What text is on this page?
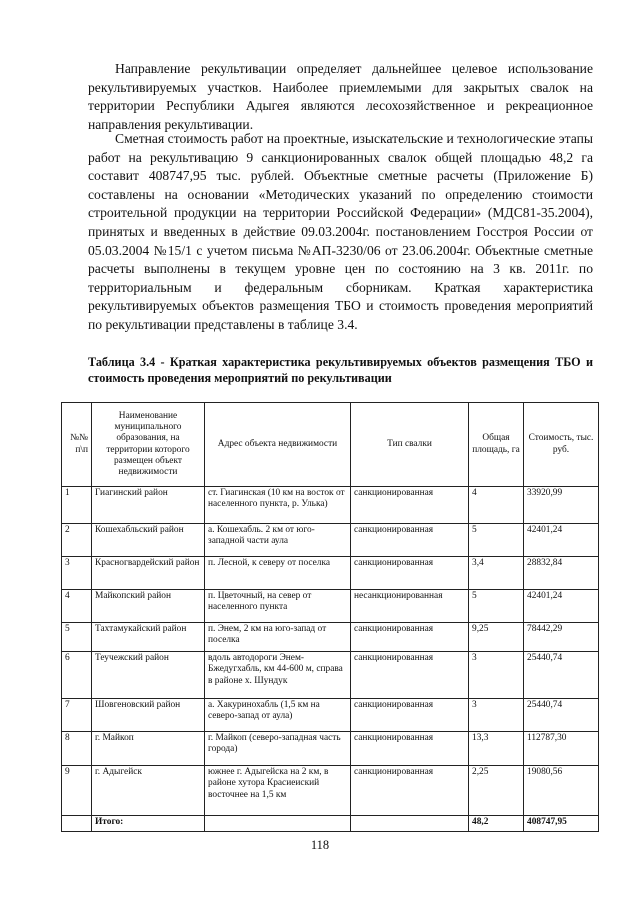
Направление рекультивации определяет дальнейшее целевое использование рекультивируемых участков. Наиболее приемлемыми для закрытых свалок на территории Республики Адыгея являются лесохозяйственное и рекреационное направления рекультивации.

Сметная стоимость работ на проектные, изыскательские и технологические этапы работ на рекультивацию 9 санкционированных свалок общей площадью 48,2 га составит 408747,95 тыс. рублей. Объектные сметные расчеты (Приложение Б) составлены на основании «Методических указаний по определению стоимости строительной продукции на территории Российской Федерации» (МДС81-35.2004), принятых и введенных в действие 09.03.2004г. постановлением Госстроя России от 05.03.2004 №15/1 с учетом письма №АП-3230/06 от 23.06.2004г. Объектные сметные расчеты выполнены в текущем уровне цен по состоянию на 3 кв. 2011г. по территориальным и федеральным сборникам. Краткая характеристика рекультивируемых объектов размещения ТБО и стоимость проведения мероприятий по рекультивации представлены в таблице 3.4.

Таблица 3.4 - Краткая характеристика рекультивируемых объектов размещения ТБО и стоимость проведения мероприятий по рекультивации

№№ п\п	Наименование муниципального образования, на территории которого размещен объект недвижимости	Адрес объекта недвижимости	Тип свалки	Общая площадь, га	Стоимость, тыс. руб.
1	Гиагинский район	ст. Гиагинская (10 км на восток от населенного пункта, р. Улька)	санкционированная	4	33920,99
2	Кошехабльский район	а. Кошехабль. 2 км от юго-западной части аула	санкционированная	5	42401,24
3	Красногвардейский район	п. Лесной, к северу от поселка	санкционированная	3,4	28832,84
4	Майкопский район	п. Цветочный, на север от населенного пункта	несанкционированная	5	42401,24
5	Тахтамукайский район	п. Энем, 2 км на юго-запад от поселка	санкционированная	9,25	78442,29
6	Теучежский район	вдоль автодороги Энем-Бжедугхабль, км 44-600 м, справа в районе х. Шундук	санкционированная	3	25440,74
7	Шовгеновский район	а. Хакуринохабль (1,5 км на северо-запад от аула)	санкционированная	3	25440,74
8	г. Майкоп	г. Майкоп (северо-западная часть города)	санкционированная	13,3	112787,30
9	г. Адыгейск	южнее г. Адыгейска на 2 км, в районе хутора Красиеиский восточнее на 1,5 км	санкционированная	2,25	19080,56
	Итого:			48,2	408747,95

118
